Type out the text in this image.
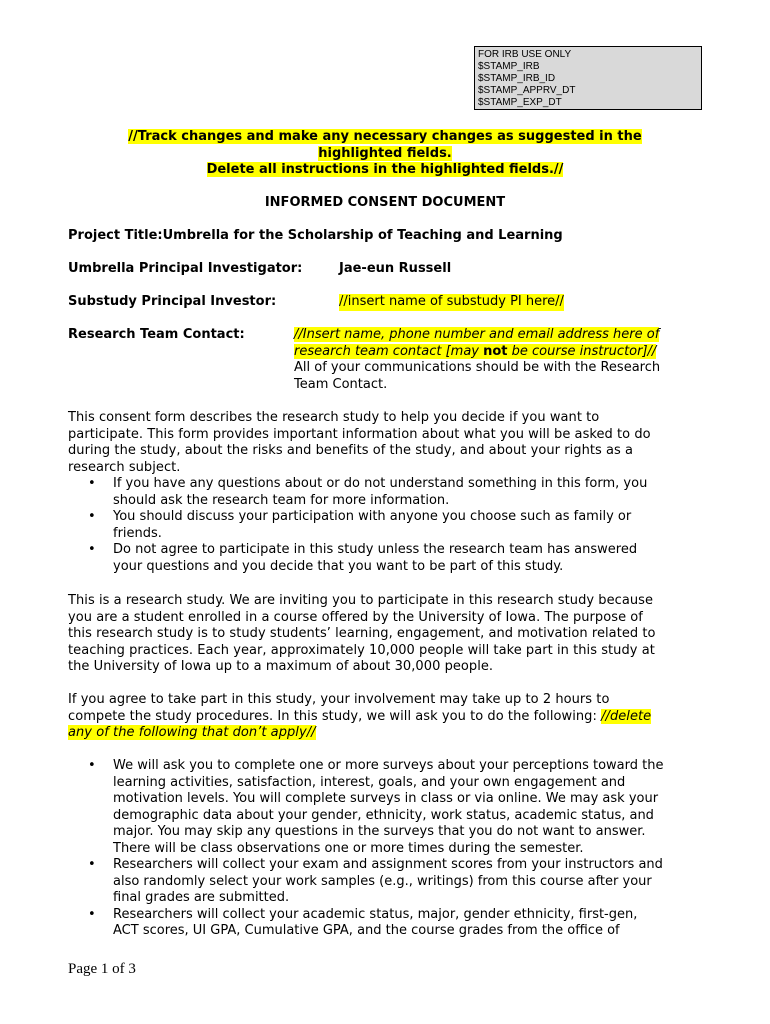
FOR IRB USE ONLY
$STAMP_IRB
$STAMP_IRB_ID
$STAMP_APPRV_DT
$STAMP_EXP_DT
//Track changes and make any necessary changes as suggested in the
highlighted fields.
Delete all instructions in the highlighted fields.//
INFORMED CONSENT DOCUMENT
Project Title:Umbrella for the Scholarship of Teaching and Learning
Umbrella Principal Investigator:	Jae-eun Russell
Substudy Principal Investor:	//insert name of substudy PI here//
Research Team Contact:	//Insert name, phone number and email address here of
research team contact [may not be course instructor]//
All of your communications should be with the Research
Team Contact.
This consent form describes the research study to help you decide if you want to
participate. This form provides important information about what you will be asked to do
during the study, about the risks and benefits of the study, and about your rights as a
research subject.
• If you have any questions about or do not understand something in this form, you
should ask the research team for more information.
• You should discuss your participation with anyone you choose such as family or
friends.
• Do not agree to participate in this study unless the research team has answered
your questions and you decide that you want to be part of this study.
This is a research study. We are inviting you to participate in this research study because
you are a student enrolled in a course offered by the University of Iowa. The purpose of
this research study is to study students’ learning, engagement, and motivation related to
teaching practices. Each year, approximately 10,000 people will take part in this study at
the University of Iowa up to a maximum of about 30,000 people.
If you agree to take part in this study, your involvement may take up to 2 hours to
compete the study procedures. In this study, we will ask you to do the following: //delete
any of the following that don’t apply//
• We will ask you to complete one or more surveys about your perceptions toward the
learning activities, satisfaction, interest, goals, and your own engagement and
motivation levels. You will complete surveys in class or via online. We may ask your
demographic data about your gender, ethnicity, work status, academic status, and
major. You may skip any questions in the surveys that you do not want to answer.
There will be class observations one or more times during the semester.
• Researchers will collect your exam and assignment scores from your instructors and
also randomly select your work samples (e.g., writings) from this course after your
final grades are submitted.
• Researchers will collect your academic status, major, gender ethnicity, first-gen,
ACT scores, UI GPA, Cumulative GPA, and the course grades from the office of
Page 1 of 3
